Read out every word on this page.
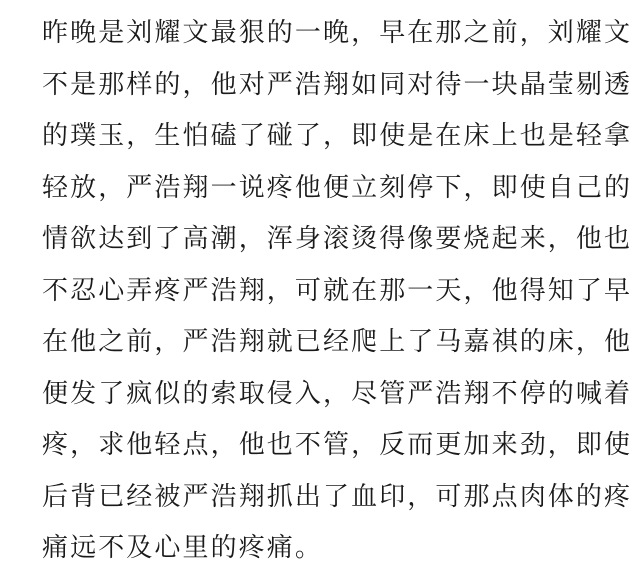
昨晚是刘耀文最狠的一晚，早在那之前，刘耀文
不是那样的，他对严浩翔如同对待一块晶莹剔透
的璞玉，生怕磕了碰了，即使是在床上也是轻拿
轻放，严浩翔一说疼他便立刻停下，即使自己的
情欲达到了高潮，浑身滚烫得像要烧起来，他也
不忍心弄疼严浩翔，可就在那一天，他得知了早
在他之前，严浩翔就已经爬上了马嘉祺的床，他
便发了疯似的索取侵入，尽管严浩翔不停的喊着
疼，求他轻点，他也不管，反而更加来劲，即使
后背已经被严浩翔抓出了血印，可那点肉体的疼
痛远不及心里的疼痛。
